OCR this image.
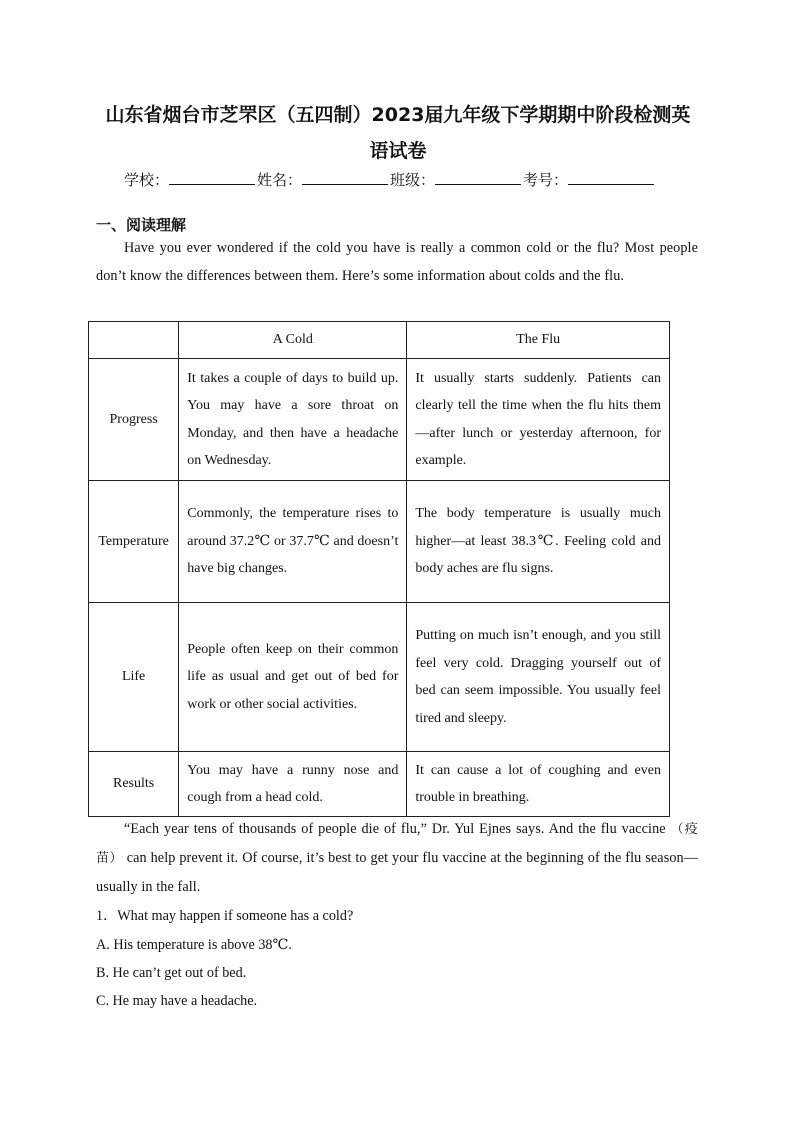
山东省烟台市芝罘区（五四制）2023届九年级下学期期中阶段检测英
语试卷
学校：	姓名：	班级：	考号：
一、阅读理解
Have you ever wondered if the cold you have is really a common cold or the flu? Most people don’t know the differences between them. Here’s some information about colds and the flu.
	A Cold	The Flu
Progress	It takes a couple of days to build up. You may have a sore throat on Monday, and then have a headache on Wednesday.	It usually starts suddenly. Patients can clearly tell the time when the flu hits them—after lunch or yesterday afternoon, for example.
Temperature	Commonly, the temperature rises to around 37.2℃ or 37.7℃ and doesn’t have big changes.	The body temperature is usually much higher—at least 38.3℃. Feeling cold and body aches are flu signs.
Life	People often keep on their common life as usual and get out of bed for work or other social activities.	Putting on much isn’t enough, and you still feel very cold. Dragging yourself out of bed can seem impossible. You usually feel tired and sleepy.
Results	You may have a runny nose and cough from a head cold.	It can cause a lot of coughing and even trouble in breathing.
“Each year tens of thousands of people die of flu,” Dr. Yul Ejnes says. And the flu vaccine （疫苗） can help prevent it. Of course, it’s best to get your flu vaccine at the beginning of the flu season—usually in the fall.
1．What may happen if someone has a cold?
A. His temperature is above 38℃.
B. He can’t get out of bed.
C. He may have a headache.
